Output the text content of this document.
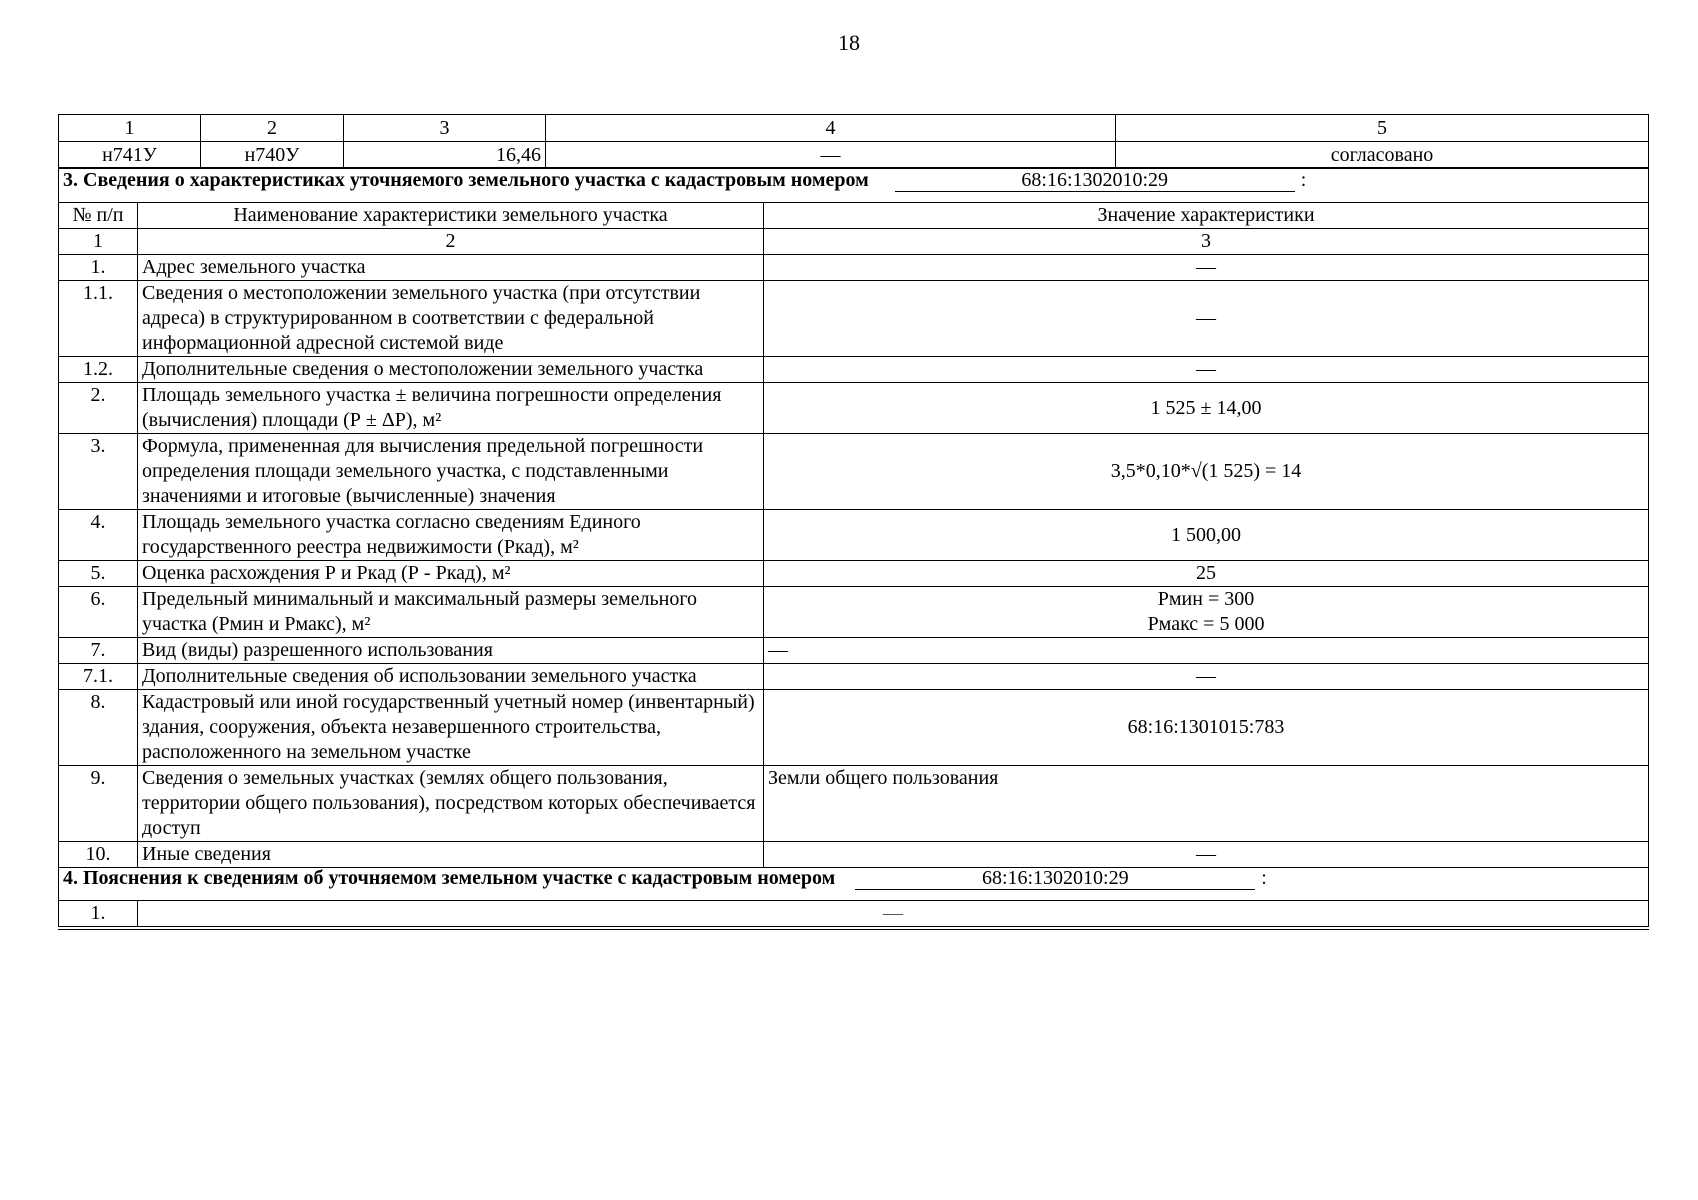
18
1	2	3	4	5
н741У	н740У	16,46	—	согласовано
3. Сведения о характеристиках уточняемого земельного участка с кадастровым номером 68:16:1302010:29 :		
№ п/п	Наименование характеристики земельного участка	Значение характеристики
1	2	3
1.	Адрес земельного участка	—
1.1.	Сведения о местоположении земельного участка (при отсутствии адреса) в структурированном в соответствии с федеральной информационной адресной системой виде	—
1.2.	Дополнительные сведения о местоположении земельного участка	—
2.	Площадь земельного участка ± величина погрешности определения (вычисления) площади (Р ± ΔР), м²	1 525 ± 14,00
3.	Формула, примененная для вычисления предельной погрешности определения площади земельного участка, с подставленными значениями и итоговые (вычисленные) значения	3,5*0,10*√(1 525) = 14
4.	Площадь земельного участка согласно сведениям Единого государственного реестра недвижимости (Ркад), м²	1 500,00
5.	Оценка расхождения Р и Ркад (Р - Ркад), м²	25
6.	Предельный минимальный и максимальный размеры земельного участка (Рмин и Рмакс), м²	Рмин = 300
Рмакс = 5 000

7.	Вид (виды) разрешенного использования	—
7.1.	Дополнительные сведения об использовании земельного участка	—
8.	Кадастровый или иной государственный учетный номер (инвентарный) здания, сооружения, объекта незавершенного строительства, расположенного на земельном участке	68:16:1301015:783
9.	Сведения о земельных участках (землях общего пользования, территории общего пользования), посредством которых обеспечивается доступ	Земли общего пользования
10.	Иные сведения	—
4. Пояснения к сведениям об уточняемом земельном участке с кадастровым номером	68:16:1302010:29	:
1.	—
